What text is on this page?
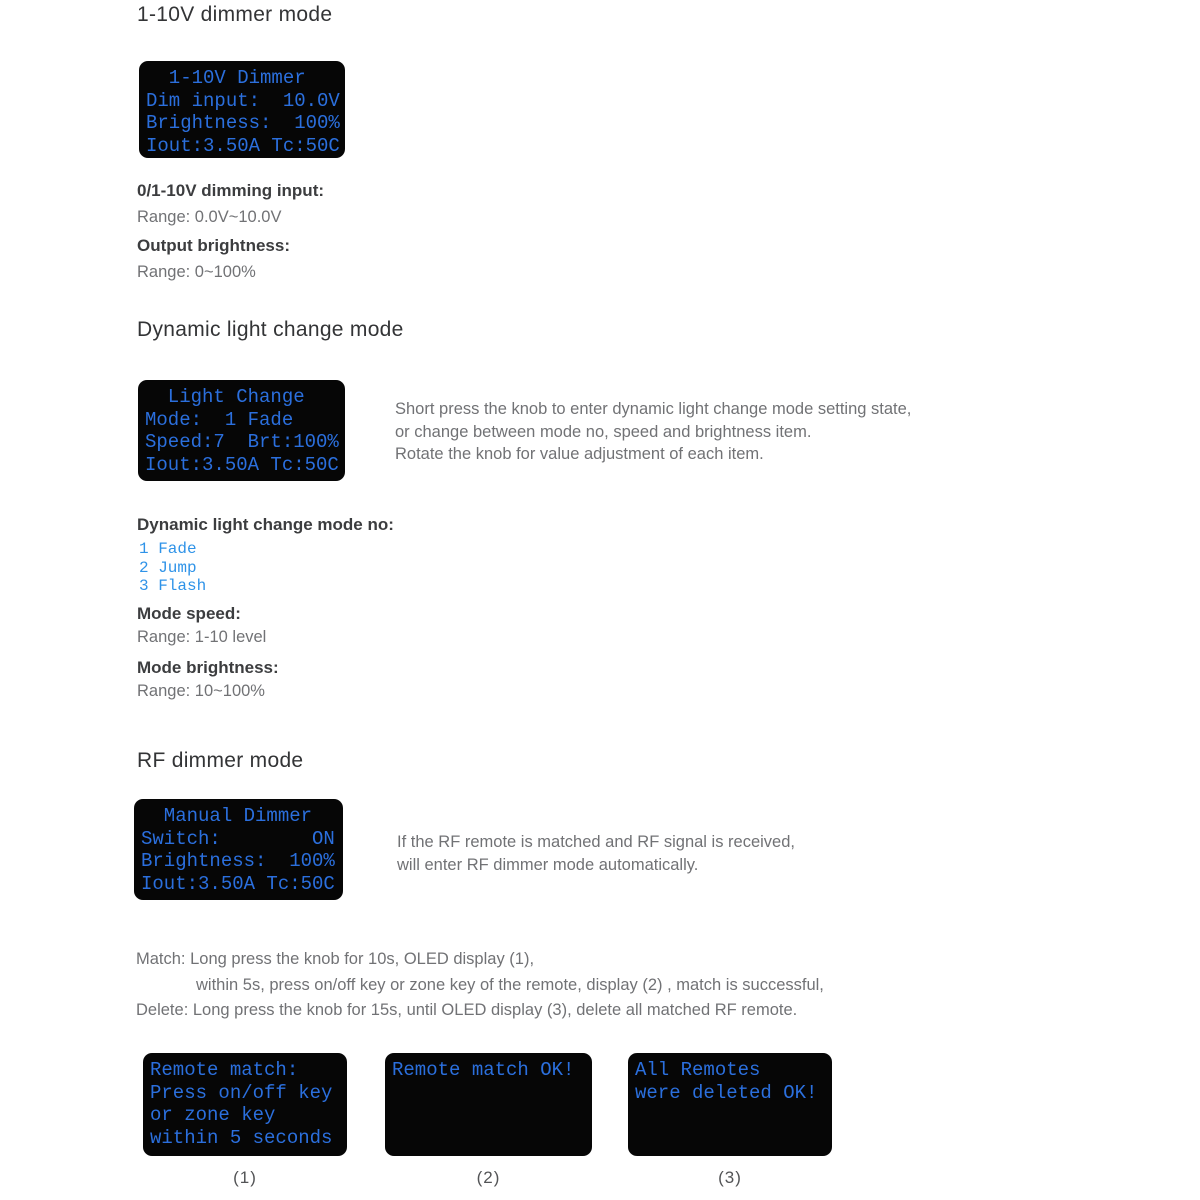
1-10V dimmer mode
1-10V Dimmer
Dim input:  10.0V
Brightness:  100%
Iout:3.50A Tc:50C
0/1-10V dimming input:
Range: 0.0V~10.0V
Output brightness:
Range: 0~100%
Dynamic light change mode
Light Change
Mode:  1 Fade
Speed:7  Brt:100%
Iout:3.50A Tc:50C
Short press the knob to enter dynamic light change mode setting state,
or change between mode no, speed and brightness item.
Rotate the knob for value adjustment of each item.
Dynamic light change mode no:
1 Fade
2 Jump
3 Flash
Mode speed:
Range: 1-10 level
Mode brightness:
Range: 10~100%
RF dimmer mode
Manual Dimmer
Switch:        ON
Brightness:  100%
Iout:3.50A Tc:50C
If the RF remote is matched and RF signal is received,
will enter RF dimmer mode automatically.
Match: Long press the knob for 10s, OLED display (1),
within 5s, press on/off key or zone key of the remote, display (2) , match is successful,
Delete: Long press the knob for 15s, until OLED display (3), delete all matched RF remote.
Remote match:
Press on/off key
or zone key
within 5 seconds
Remote match OK!	All Remotes
were deleted OK!
(1)	(2)	(3)
